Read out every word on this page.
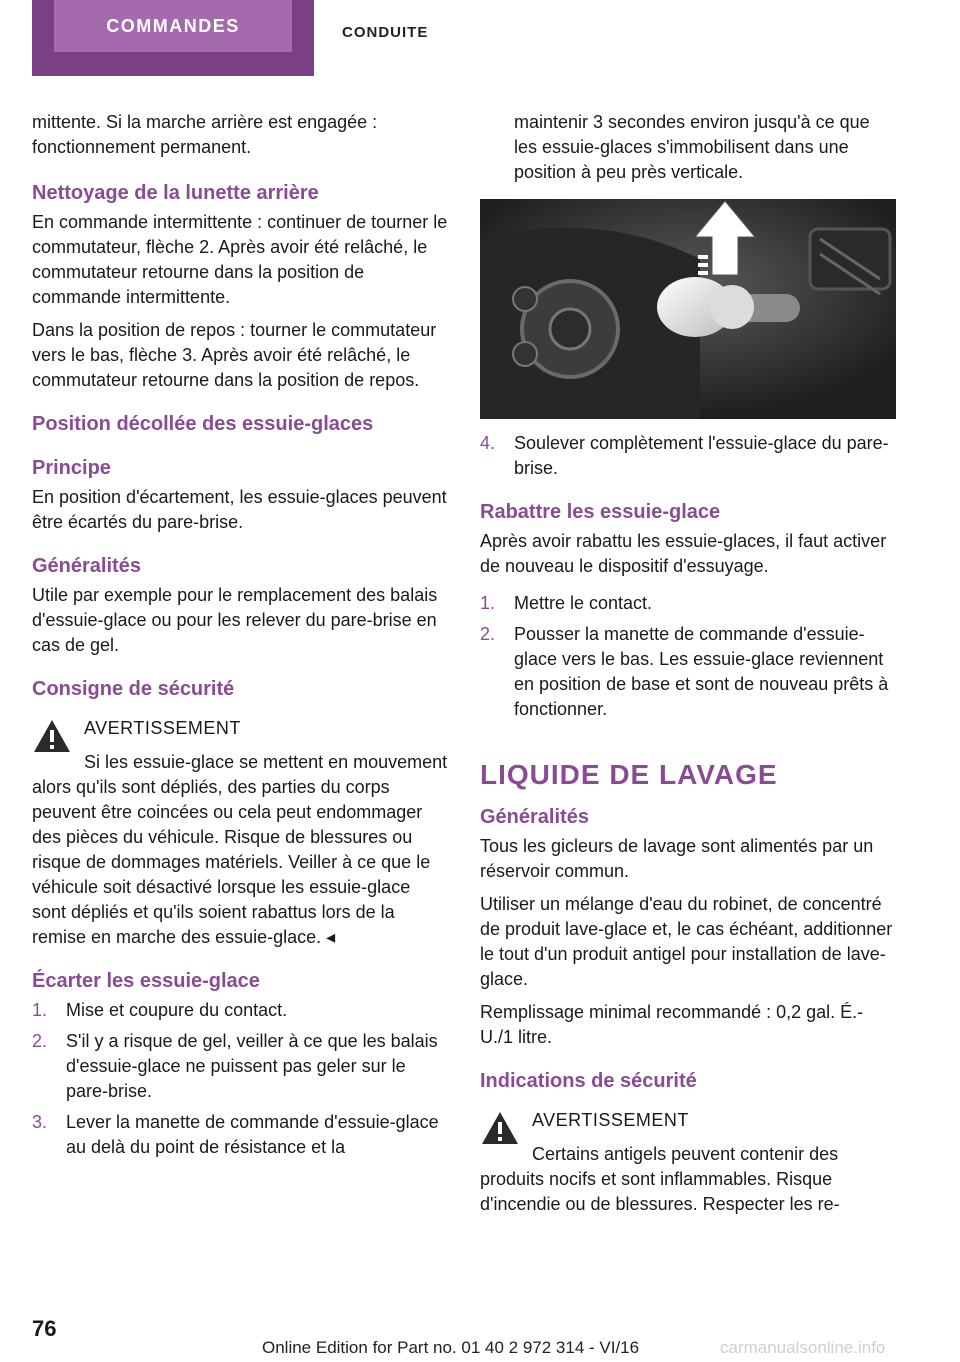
COMMANDES	CONDUITE

mittente. Si la marche arrière est engagée : fonctionnement permanent.

Nettoyage de la lunette arrière

En commande intermittente : continuer de tourner le commutateur, flèche 2. Après avoir été relâché, le commutateur retourne dans la position de commande intermittente.

Dans la position de repos : tourner le commutateur vers le bas, flèche 3. Après avoir été relâché, le commutateur retourne dans la position de repos.

Position décollée des essuie-glaces
Principe

En position d'écartement, les essuie-glaces peuvent être écartés du pare-brise.

Généralités

Utile par exemple pour le remplacement des balais d'essuie-glace ou pour les relever du pare-brise en cas de gel.

Consigne de sécurité
AVERTISSEMENT
Si les essuie-glace se mettent en mouvement alors qu'ils sont dépliés, des parties du corps peuvent être coincées ou cela peut endommager des pièces du véhicule. Risque de blessures ou risque de dommages matériels. Veiller à ce que le véhicule soit désactivé lorsque les essuie-glace sont dépliés et qu'ils soient rabattus lors de la remise en marche des essuie-glace. ◂
Écarter les essuie-glace
1. Mise et coupure du contact.
2. S'il y a risque de gel, veiller à ce que les balais d'essuie-glace ne puissent pas geler sur le pare-brise.
3. Lever la manette de commande d'essuie-glace au delà du point de résistance et la

maintenir 3 secondes environ jusqu'à ce que les essuie-glaces s'immobilisent dans une position à peu près verticale.

4. Soulever complètement l'essuie-glace du pare-brise.
Rabattre les essuie-glace

Après avoir rabattu les essuie-glaces, il faut activer de nouveau le dispositif d'essuyage.

1. Mettre le contact.
2. Pousser la manette de commande d'essuie-glace vers le bas. Les essuie-glace reviennent en position de base et sont de nouveau prêts à fonctionner.
LIQUIDE DE LAVAGE
Généralités

Tous les gicleurs de lavage sont alimentés par un réservoir commun.

Utiliser un mélange d'eau du robinet, de concentré de produit lave-glace et, le cas échéant, additionner le tout d'un produit antigel pour installation de lave-glace.

Remplissage minimal recommandé : 0,2 gal. É.-U./1 litre.

Indications de sécurité
AVERTISSEMENT
Certains antigels peuvent contenir des produits nocifs et sont inflammables. Risque d'incendie ou de blessures. Respecter les re-
76
Online Edition for Part no. 01 40 2 972 314 - VI/16	carmanualsonline.info
